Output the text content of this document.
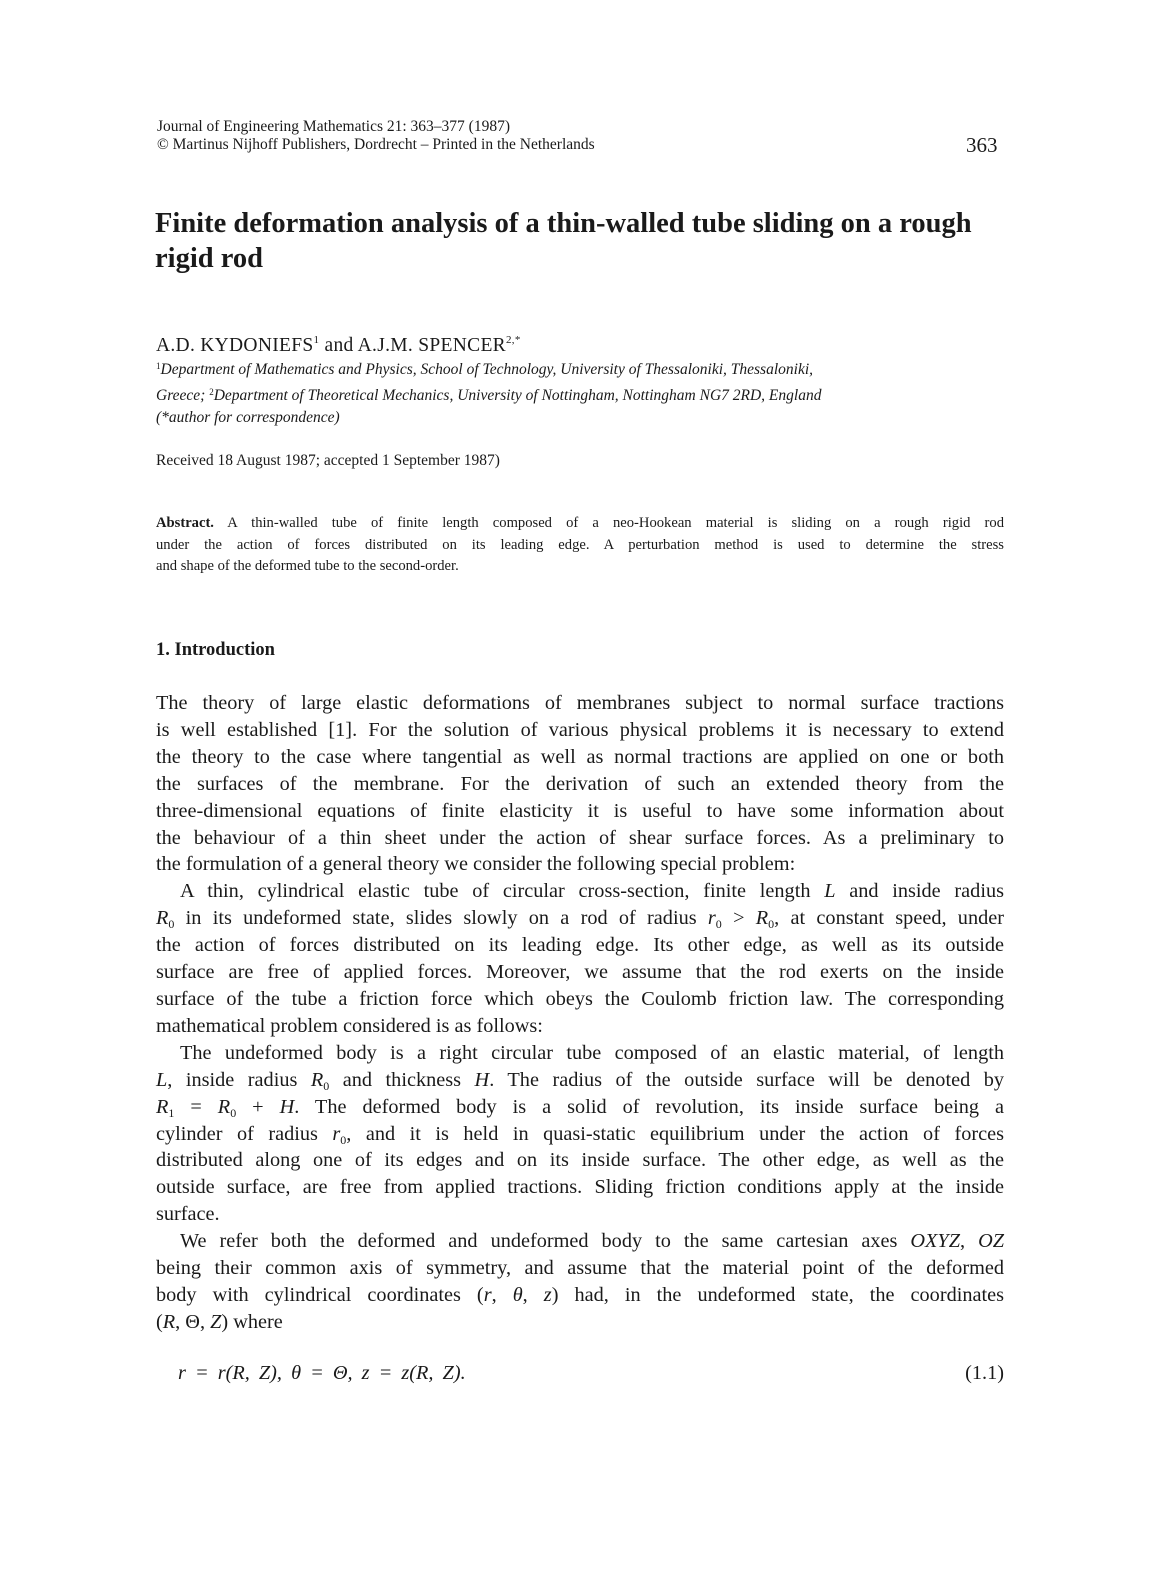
Journal of Engineering Mathematics 21: 363–377 (1987)
© Martinus Nijhoff Publishers, Dordrecht – Printed in the Netherlands	363
Finite deformation analysis of a thin-walled tube sliding on a rough rigid rod
A.D. KYDONIEFS$^1$ and A.J.M. $SPENCER^{2,*}$
$^1$Department of Mathematics and Physics, School of Technology, University of Thessaloniki, Thessaloniki,
Greece; $^2$Department of Theoretical Mechanics, University of Nottingham, Nottingham NG7 2RD, England
(*author for correspondence)
Received 18 August 1987; accepted 1 September 1987)
Abstract. A thin-walled tube of finite length composed of a neo-Hookean material is sliding on a rough rigid rod
under the action of forces distributed on its leading edge. A perturbation method is used to determine the stress
and shape of the deformed tube to the second-order.
1. Introduction
The theory of large elastic deformations of membranes subject to normal surface tractions
is well established [1]. For the solution of various physical problems it is necessary to extend
the theory to the case where tangential as well as normal tractions are applied on one or both
the surfaces of the membrane. For the derivation of such an extended theory from the
three-dimensional equations of finite elasticity it is useful to have some information about
the behaviour of a thin sheet under the action of shear surface forces. As a preliminary to
the formulation of a general theory we consider the following special problem:
A thin, cylindrical elastic tube of circular cross-section, finite length L and inside radius
$R_0$ in its undeformed state, slides slowly on a rod of radius $r_0 > R_0$, at constant speed, under
the action of forces distributed on its leading edge. Its other edge, as well as its outside
surface are free of applied forces. Moreover, we assume that the rod exerts on the inside
surface of the tube a friction force which obeys the Coulomb friction law. The corresponding
mathematical problem considered is as follows:
The undeformed body is a right circular tube composed of an elastic material, of length
L, inside radius $R_0$ and thickness H. The radius of the outside surface will be denoted by
$R_1 = R_0 + H$. The deformed body is a solid of revolution, its inside surface being a
cylinder of radius $r_0$, and it is held in quasi-static equilibrium under the action of forces
distributed along one of its edges and on its inside surface. The other edge, as well as the
outside surface, are free from applied tractions. Sliding friction conditions apply at the inside
surface.
We refer both the deformed and undeformed body to the same cartesian axes OXYZ, OZ
being their common axis of symmetry, and assume that the material point of the deformed
body with cylindrical coordinates (r, θ, z) had, in the undeformed state, the coordinates
(R, Θ, Z) where
r = r(R, Z), θ = Θ, z = z(R, Z).	(1.1)
